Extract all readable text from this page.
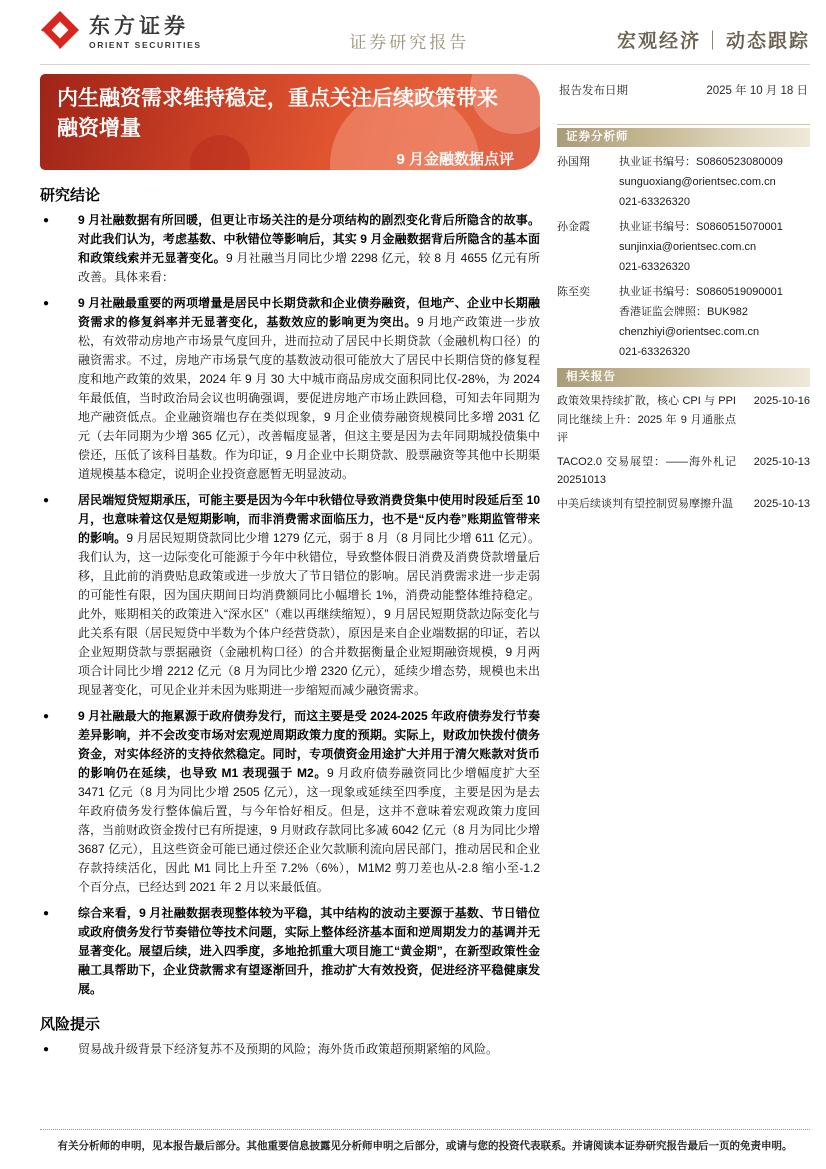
东方证券
ORIENT SECURITIES	证券研究报告	宏观经济 ｜ 动态跟踪
内生融资需求维持稳定，重点关注后续政策带来融资增量
9 月金融数据点评
研究结论
●	9 月社融数据有所回暖，但更让市场关注的是分项结构的剧烈变化背后所隐含的故事。对此我们认为，考虑基数、中秋错位等影响后，其实 9 月金融数据背后所隐含的基本面和政策线索并无显著变化。9 月社融当月同比少增 2298 亿元，较 8 月 4655 亿元有所改善。具体来看：
●	9 月社融最重要的两项增量是居民中长期贷款和企业债券融资，但地产、企业中长期融资需求的修复斜率并无显著变化，基数效应的影响更为突出。9 月地产政策进一步放松，有效带动房地产市场景气度回升，进而拉动了居民中长期贷款（金融机构口径）的融资需求。不过，房地产市场景气度的基数波动很可能放大了居民中长期信贷的修复程度和地产政策的效果，2024 年 9 月 30 大中城市商品房成交面积同比仅-28%，为 2024 年最低值，当时政治局会议也明确强调，要促进房地产市场止跌回稳，可知去年同期为地产融资低点。企业融资端也存在类似现象，9 月企业债券融资规模同比多增 2031 亿元（去年同期为少增 365 亿元），改善幅度显著，但这主要是因为去年同期城投债集中偿还，压低了该科目基数。作为印证，9 月企业中长期贷款、股票融资等其他中长期渠道规模基本稳定，说明企业投资意愿暂无明显波动。
●	居民端短贷短期承压，可能主要是因为今年中秋错位导致消费贷集中使用时段延后至 10 月，也意味着这仅是短期影响，而非消费需求面临压力，也不是“反内卷”账期监管带来的影响。9 月居民短期贷款同比少增 1279 亿元，弱于 8 月（8 月同比少增 611 亿元）。我们认为，这一边际变化可能源于今年中秋错位，导致整体假日消费及消费贷款增量后移，且此前的消费贴息政策或进一步放大了节日错位的影响。居民消费需求进一步走弱的可能性有限，因为国庆期间日均消费额同比小幅增长 1%，消费动能整体维持稳定。此外，账期相关的政策进入“深水区”（难以再继续缩短），9 月居民短期贷款边际变化与此关系有限（居民短贷中半数为个体户经营贷款），原因是来自企业端数据的印证，若以企业短期贷款与票据融资（金融机构口径）的合并数据衡量企业短期融资规模，9 月两项合计同比少增 2212 亿元（8 月为同比少增 2320 亿元），延续少增态势，规模也未出现显著变化，可见企业并未因为账期进一步缩短而减少融资需求。
●	9 月社融最大的拖累源于政府债券发行，而这主要是受 2024-2025 年政府债券发行节奏差异影响，并不会改变市场对宏观逆周期政策力度的预期。实际上，财政加快拨付债务资金，对实体经济的支持依然稳定。同时，专项债资金用途扩大并用于清欠账款对货币的影响仍在延续，也导致 M1 表现强于 M2。9 月政府债券融资同比少增幅度扩大至 3471 亿元（8 月为同比少增 2505 亿元），这一现象或延续至四季度，主要是因为是去年政府债务发行整体偏后置，与今年恰好相反。但是，这并不意味着宏观政策力度回落，当前财政资金拨付已有所提速，9 月财政存款同比多减 6042 亿元（8 月为同比少增 3687 亿元），且这些资金可能已通过偿还企业欠款顺利流向居民部门，推动居民和企业存款持续活化，因此 M1 同比上升至 7.2%（6%），M1M2 剪刀差也从-2.8 缩小至-1.2 个百分点，已经达到 2021 年 2 月以来最低值。
●	综合来看，9 月社融数据表现整体较为平稳，其中结构的波动主要源于基数、节日错位或政府债务发行节奏错位等技术问题，实际上整体经济基本面和逆周期发力的基调并无显著变化。展望后续，进入四季度，多地抢抓重大项目施工“黄金期”，在新型政策性金融工具帮助下，企业贷款需求有望逐渐回升，推动扩大有效投资，促进经济平稳健康发展。
风险提示
●	贸易战升级背景下经济复苏不及预期的风险；海外货币政策超预期紧缩的风险。
报告发布日期	2025 年 10 月 18 日
证券分析师
孙国翔	执业证书编号：S0860523080009
sunguoxiang@orientsec.com.cn
021-63326320
孙金霞	执业证书编号：S0860515070001
sunjinxia@orientsec.com.cn
021-63326320
陈至奕	执业证书编号：S0860519090001
香港证监会牌照：BUK982
chenzhiyi@orientsec.com.cn
021-63326320
相关报告
政策效果持续扩散，核心 CPI 与 PPI 同比继续上升：2025 年 9 月通胀点评
2025-10-16
TACO2.0 交易展望：——海外札记 20251013
2025-10-13
中美后续谈判有望控制贸易摩擦升温	2025-10-13
有关分析师的申明，见本报告最后部分。其他重要信息披露见分析师申明之后部分，或请与您的投资代表联系。并请阅读本证券研究报告最后一页的免责申明。
